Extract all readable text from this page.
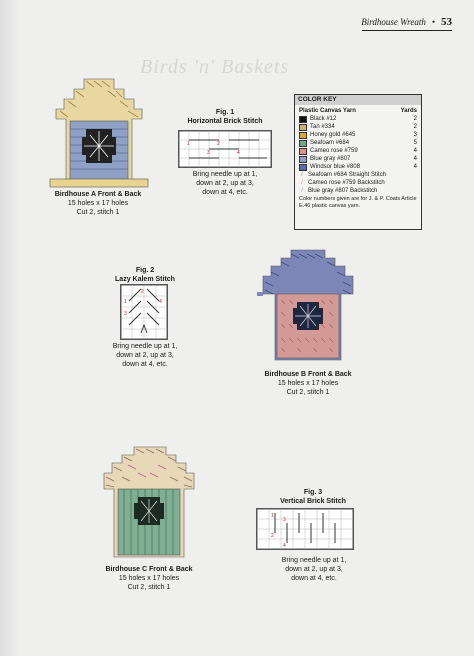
Birdhouse Wreath • 53
Birds 'n' Baskets
Birdhouse A Front & Back
15 holes x 17 holes
Cut 2, stitch 1
Fig. 1
Horizontal Brick Stitch
1	2
3	4
Bring needle up at 1,
down at 2, up at 3,
down at 4, etc.
COLOR KEY
Plastic Canvas Yarn	Yards
Black #12	2
Tan #334	2
Honey gold #645	3
Seafoam #684	5
Cameo rose #759	4
Blue gray #807	4
Windsor blue #808	4
/ Seafoam #684 Straight Stitch
/ Cameo rose #759 Backstitch
/ Blue gray #807 Backstitch
Color numbers given are for J. & P. Coats Article E.46 plastic canvas yarn.
Fig. 2
Lazy Kalem Stitch
1
2
3
4
Bring needle up at 1,
down at 2, up at 3,
down at 4, etc.
Birdhouse B Front & Back
15 holes x 17 holes
Cut 2, stitch 1
Birdhouse C Front & Back
15 holes x 17 holes
Cut 2, stitch 1
Fig. 3
Vertical Brick Stitch
1
2
3
4
Bring needle up at 1,
down at 2, up at 3,
down at 4, etc.
